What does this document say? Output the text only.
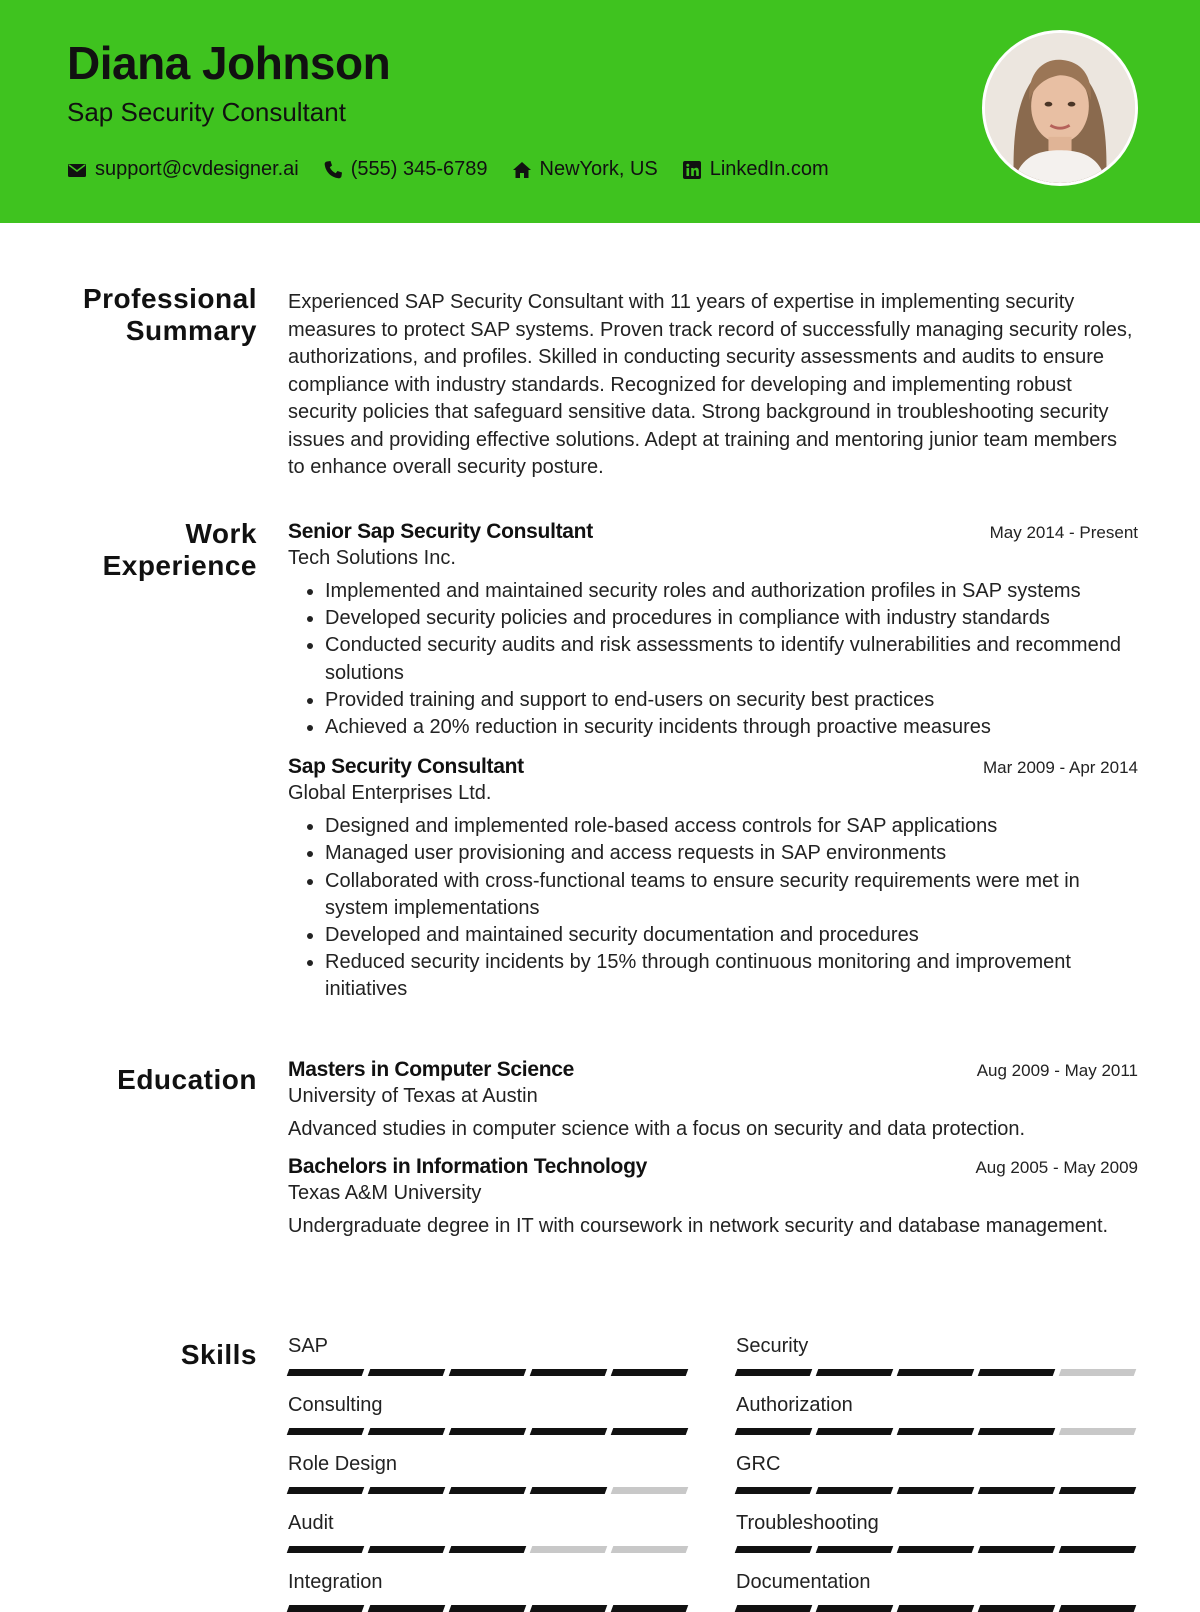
Diana Johnson
Sap Security Consultant
support@cvdesigner.ai	(555) 345-6789	NewYork, US	LinkedIn.com
Professional Summary

Experienced SAP Security Consultant with 11 years of expertise in implementing security measures to protect SAP systems. Proven track record of successfully managing security roles, authorizations, and profiles. Skilled in conducting security assessments and audits to ensure compliance with industry standards. Recognized for developing and implementing robust security policies that safeguard sensitive data. Strong background in troubleshooting security issues and providing effective solutions. Adept at training and mentoring junior team members to enhance overall security posture.

Work Experience
Senior Sap Security Consultant	May 2014 - Present
Tech Solutions Inc.
• Implemented and maintained security roles and authorization profiles in SAP systems
• Developed security policies and procedures in compliance with industry standards
• Conducted security audits and risk assessments to identify vulnerabilities and recommend solutions
• Provided training and support to end-users on security best practices
• Achieved a 20% reduction in security incidents through proactive measures
Sap Security Consultant	Mar 2009 - Apr 2014
Global Enterprises Ltd.
• Designed and implemented role-based access controls for SAP applications
• Managed user provisioning and access requests in SAP environments
• Collaborated with cross-functional teams to ensure security requirements were met in system implementations
• Developed and maintained security documentation and procedures
• Reduced security incidents by 15% through continuous monitoring and improvement initiatives
Education Masters in Computer Science	Aug 2009 - May 2011
University of Texas at Austin
Advanced studies in computer science with a focus on security and data protection.
Bachelors in Information Technology	Aug 2005 - May 2009
Texas A&M University
Undergraduate degree in IT with coursework in network security and database management.
Skills SAP	Security
Consulting	Authorization
Role Design	GRC
Audit	Troubleshooting
Integration	Documentation
